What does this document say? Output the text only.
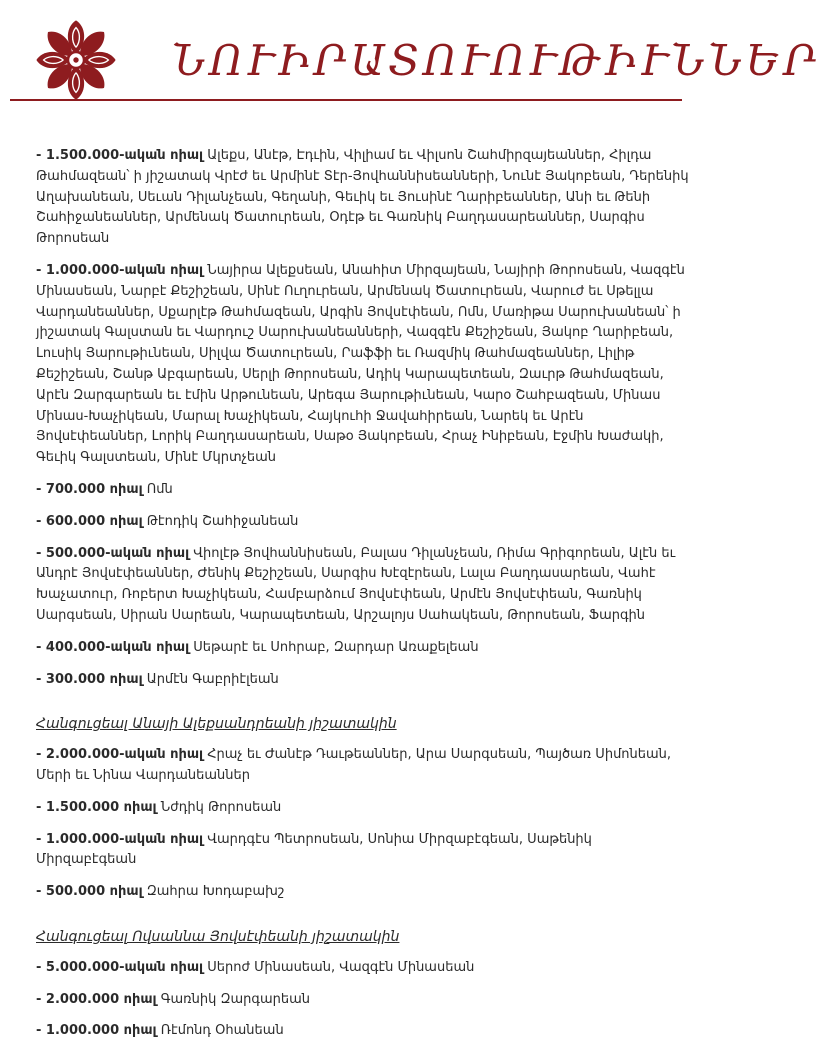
ՆՈՒԻՐԱՏՈՒՈՒԹԻՒՆՆԵՐ

- 1.500.000-ական ոիալ Ալեքս, Անէթ, Էդւին, Վիլիամ եւ Վիլսոն Շահմիրզայեաններ, Հիլդա Թահմազեան՝ ի յիշատակ Վրէժ եւ Արմինէ Տէր-Յովհաննիսեանների, Նունէ Յակոբեան, Դերենիկ Աղախանեան, Սեւան Դիլանչեան, Գեղանի, Գեւիկ եւ Յուսինէ Ղարիբեաններ, Անի եւ Թենի Շահիջանեաններ, Արմենակ Ծատուրեան, Օդէթ եւ Գառնիկ Բաղդասարեաններ, Սարգիս Թորոսեան

- 1.000.000-ական ոիալ Նայիրա Ալեքսեան, Անահիտ Միրզայեան, Նայիրի Թորոսեան, Վազգէն Մինասեան, Նարբէ Քեշիշեան, Սինէ Ուղուրեան, Արմենակ Ծատուրեան, Վարուժ եւ Սթելլա Վարդանեաններ, Սքարլէթ Թահմազեան, Արգին Յովսէփեան, Ոմն, Մառիթա Սարուխանեան՝ ի յիշատակ Գալստան եւ Վարդուշ Սարուխանեանների, Վազգէն Քեշիշեան, Յակոբ Ղարիբեան, Լուսիկ Յարութիւնեան, Սիլվա Ծատուրեան, Րաֆֆի եւ Ռազմիկ Թահմազեաններ, Լիլիթ Քեշիշեան, Շանթ Աբգարեան, Սերլի Թորոսեան, Ադիկ Կարապետեան, Զաւրթ Թահմազեան, Արէն Զարգարեան եւ էմին Արթունեան, Արեգա Յարութիւնեան, Կարօ Շահբազեան, Մինաս Մինաս-Խաչիկեան, Մարալ Խաչիկեան, Հայկուհի Ջավահիրեան, Նարեկ եւ Արէն Յովսէփեաններ, Լորիկ Բաղդասարեան, Սաթօ Յակոբեան, Հրաչ Ինիբեան, Էջմին Խաժակի, Գեւիկ Գալստեան, Մինէ Մկրտչեան

- 700.000 ոիալ Ոմն

- 600.000 ոիալ Թէոդիկ Շահիջանեան

- 500.000-ական ոիալ Վիոլէթ Յովհաննիսեան, Բալաս Դիլանչեան, Ռիմա Գրիգորեան, Ալէն եւ Անդրէ Յովսէփեաններ, Ժենիկ Քեշիշեան, Սարգիս Խէզէրեան, Լալա Բաղդասարեան, Վահէ Խաչատուր, Ռոբերտ Խաչիկեան, Համբարձում Յովսէփեան, Արմէն Յովսէփեան, Գառնիկ Սարգսեան, Սիրան Սարեան, Կարապետեան, Արշալոյս Սահակեան, Թորոսեան, Ֆարգին

- 400.000-ական ոիալ Սեթարէ եւ Սոհրաբ, Զարդար Առաքելեան

- 300.000 ոիալ Արմէն Գաբրիէլեան

Հանգուցեալ Անայի Ալեքսանդրեանի յիշատակին

- 2.000.000-ական ոիալ Հրաչ եւ Ժանէթ Դաւթեաններ, Արա Սարգսեան, Պայծառ Սիմոնեան, Մերի եւ Նինա Վարդանեաններ

- 1.500.000 ոիալ Նժդիկ Թորոսեան

- 1.000.000-ական ոիալ Վարդգէս Պետրոսեան, Սոնիա Միրզաբէգեան, Սաթենիկ Միրզաբէգեան

- 500.000 ոիալ Զահրա Խոդաբախշ

Հանգուցեալ Ովսաննա Յովսէփեանի յիշատակին

- 5.000.000-ական ոիալ Սերոժ Մինասեան, Վազգէն Մինասեան

- 2.000.000 ոիալ Գառնիկ Զարգարեան

- 1.000.000 ոիալ Ռէմոնդ Օհանեան
